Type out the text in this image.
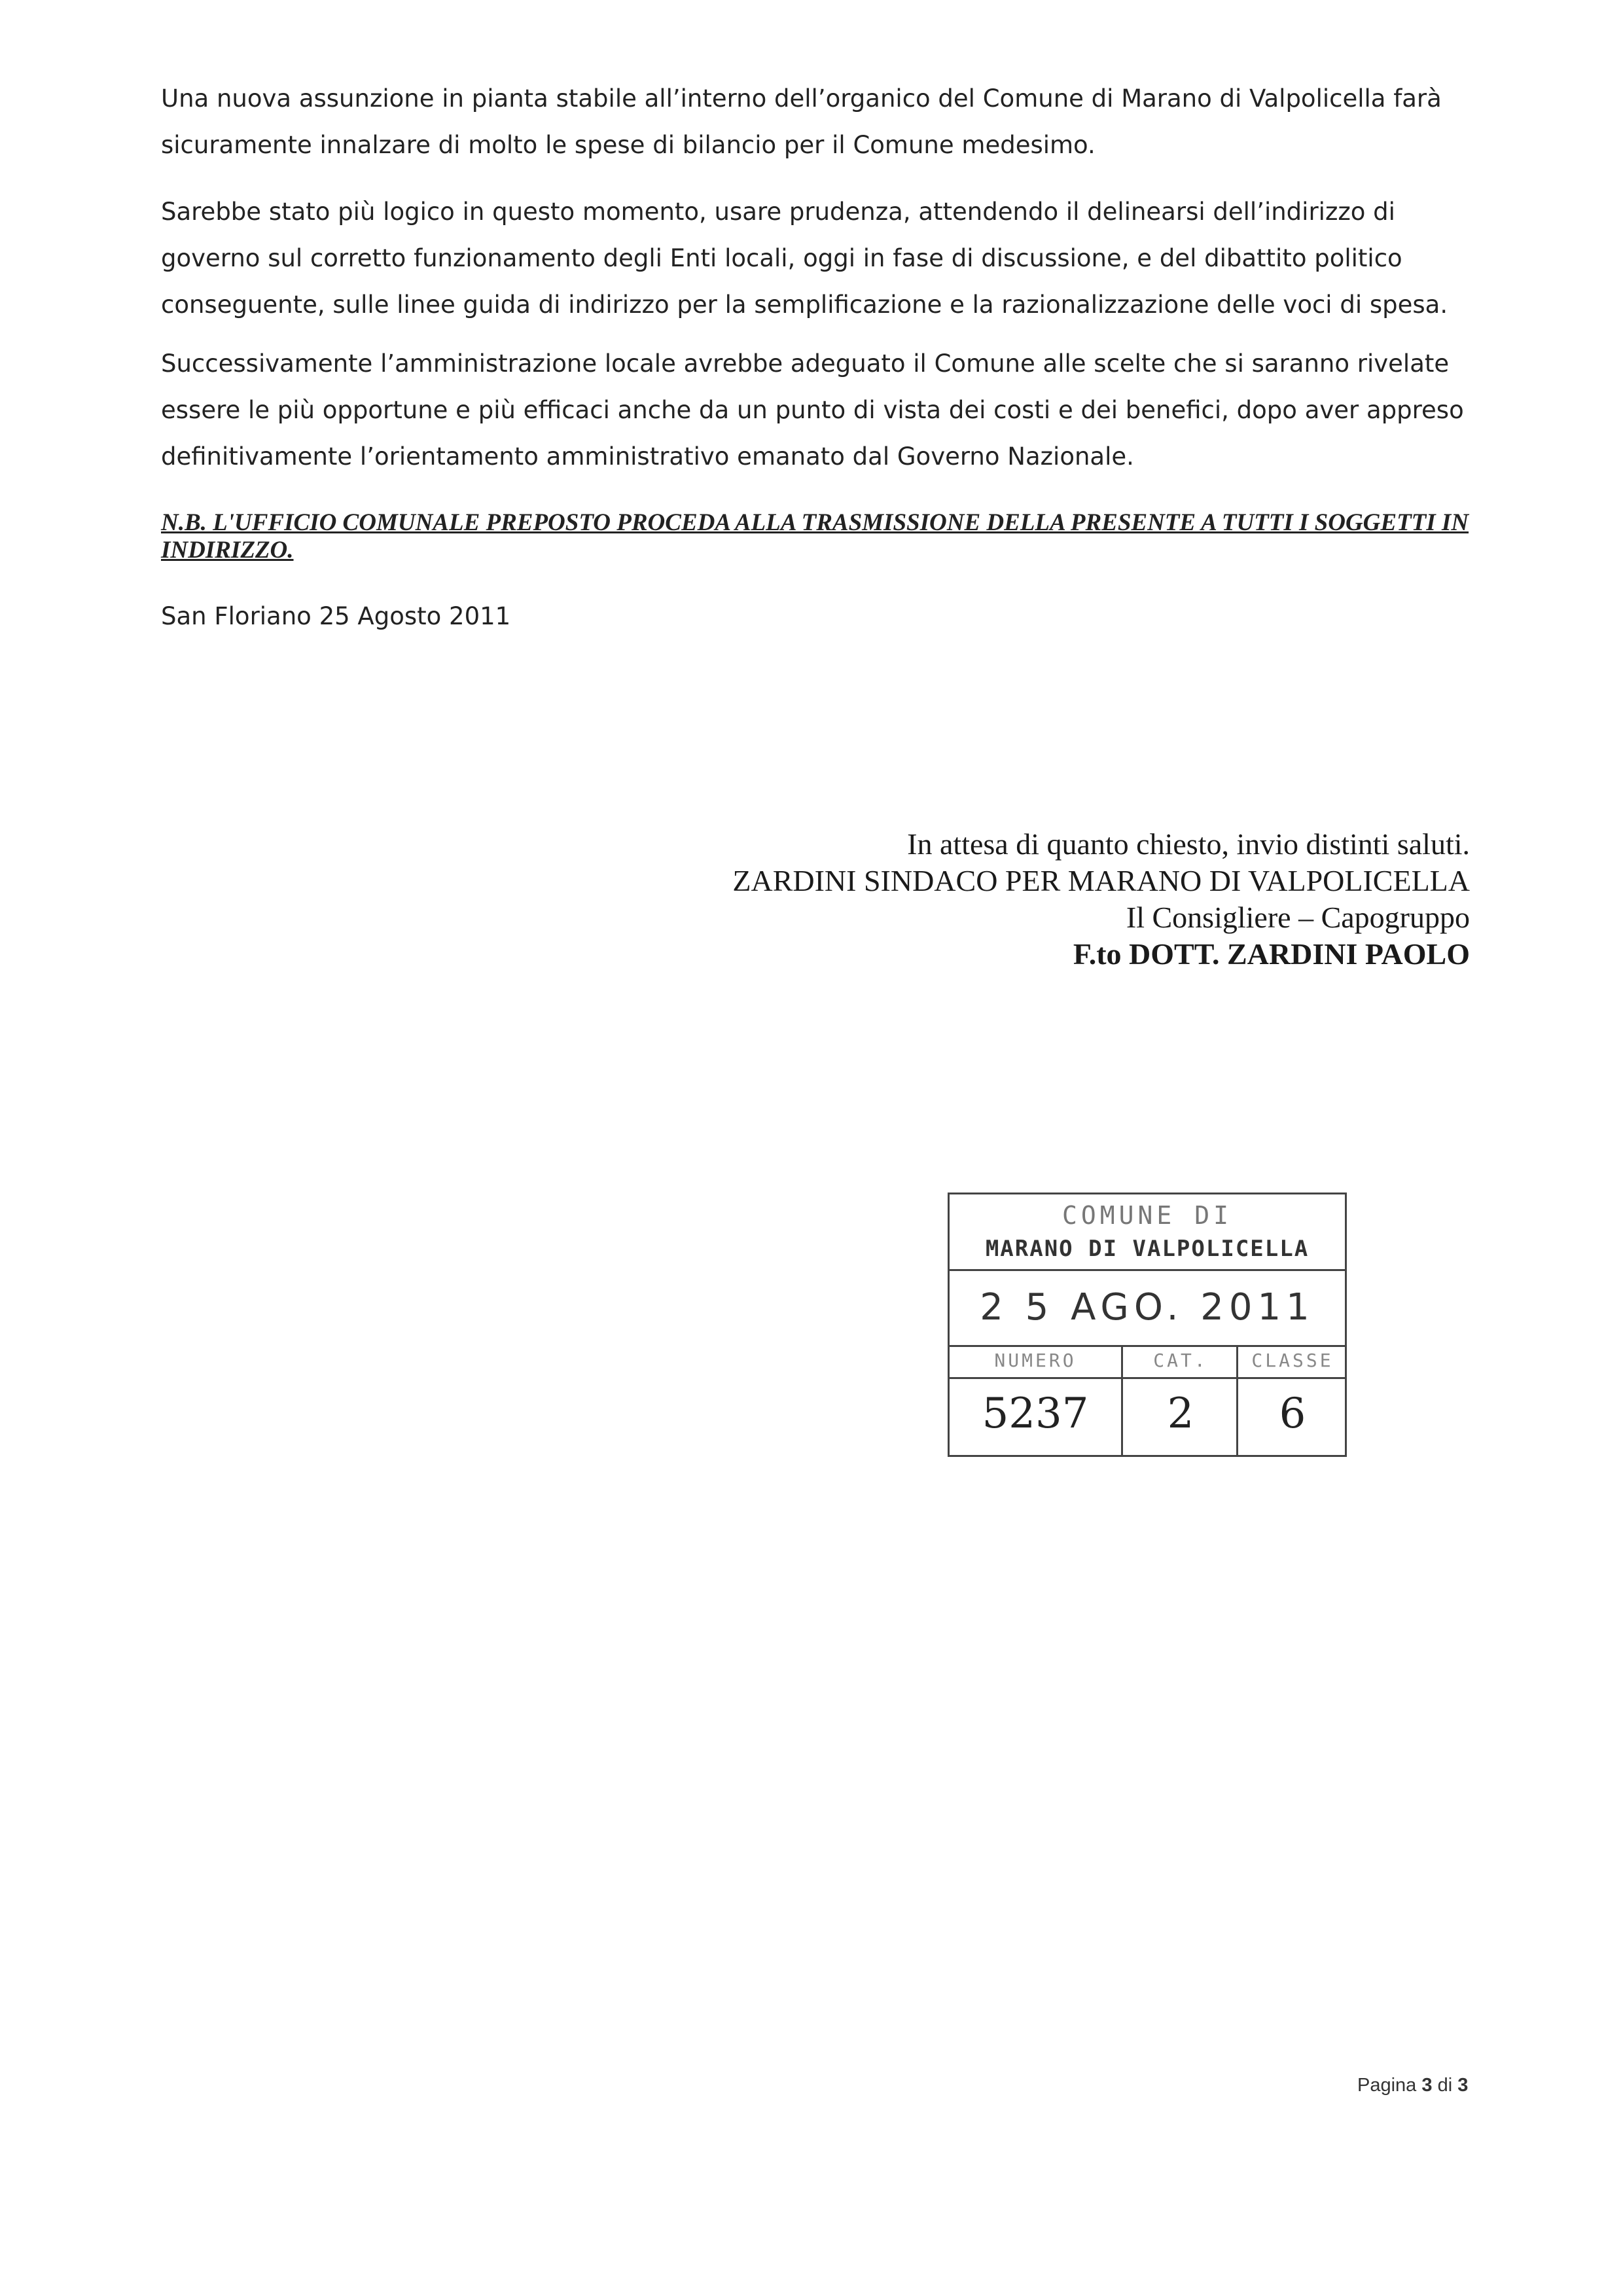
Una nuova assunzione in pianta stabile all’interno dell’organico del Comune di Marano di Valpolicella farà sicuramente innalzare di molto le spese di bilancio per il Comune medesimo.

Sarebbe stato più logico in questo momento, usare prudenza, attendendo il delinearsi dell’indirizzo di governo sul corretto funzionamento degli Enti locali, oggi in fase di discussione, e del dibattito politico conseguente, sulle linee guida di indirizzo per la semplificazione e la razionalizzazione delle voci di spesa.

Successivamente l’amministrazione locale avrebbe adeguato il Comune alle scelte che si saranno rivelate essere le più opportune e più efficaci anche da un punto di vista dei costi e dei benefici, dopo aver appreso definitivamente l’orientamento amministrativo emanato dal Governo Nazionale.

N.B. L'UFFICIO COMUNALE PREPOSTO PROCEDA ALLA TRASMISSIONE DELLA PRESENTE A TUTTI I SOGGETTI IN INDIRIZZO.

San Floriano 25 Agosto 2011
In attesa di quanto chiesto, invio distinti saluti.
ZARDINI SINDACO PER MARANO DI VALPOLICELLA
Il Consigliere – Capogruppo
F.to DOTT. ZARDINI PAOLO
COMUNE DI
MARANO DI VALPOLICELLA
2 5 AGO. 2011
NUMERO	CAT.	CLASSE
5237	2	6
Pagina 3 di 3
